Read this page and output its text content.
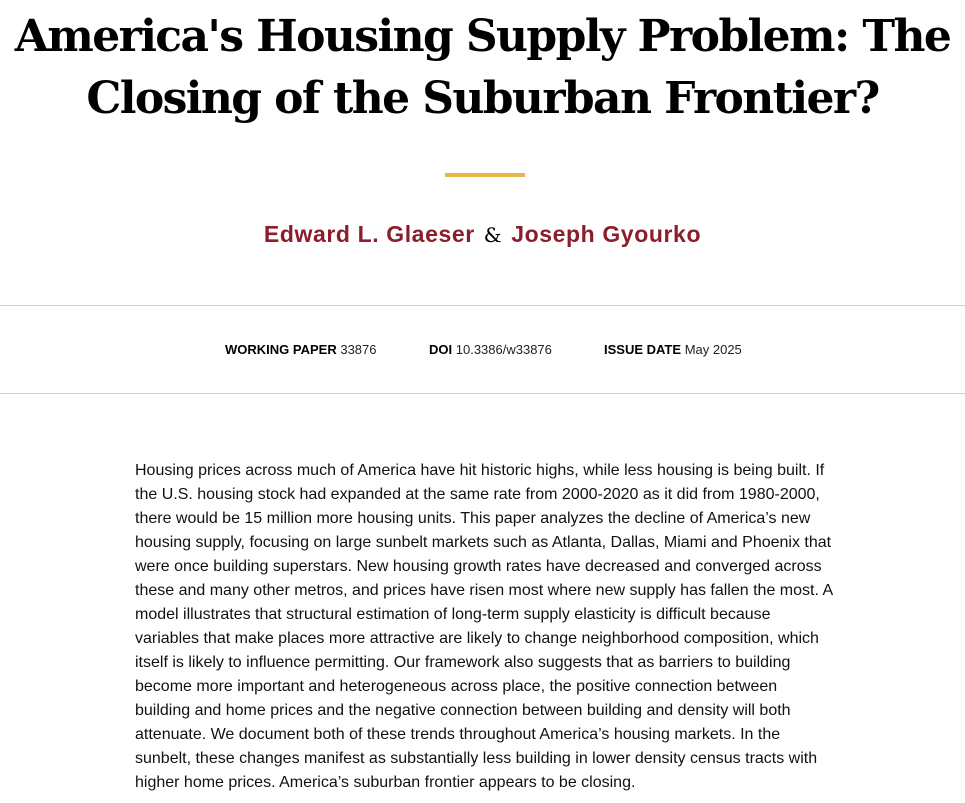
America's Housing Supply Problem: The
Closing of the Suburban Frontier?
Edward L. Glaeser & Joseph Gyourko
WORKING PAPER 33876	DOI 10.3386/w33876	ISSUE DATE May 2025

Housing prices across much of America have hit historic highs, while less housing is being built. If
the U.S. housing stock had expanded at the same rate from 2000-2020 as it did from 1980-2000,
there would be 15 million more housing units. This paper analyzes the decline of America’s new
housing supply, focusing on large sunbelt markets such as Atlanta, Dallas, Miami and Phoenix that
were once building superstars. New housing growth rates have decreased and converged across
these and many other metros, and prices have risen most where new supply has fallen the most. A
model illustrates that structural estimation of long-term supply elasticity is difficult because
variables that make places more attractive are likely to change neighborhood composition, which
itself is likely to influence permitting. Our framework also suggests that as barriers to building
become more important and heterogeneous across place, the positive connection between
building and home prices and the negative connection between building and density will both
attenuate. We document both of these trends throughout America’s housing markets. In the
sunbelt, these changes manifest as substantially less building in lower density census tracts with
higher home prices. America’s suburban frontier appears to be closing.
